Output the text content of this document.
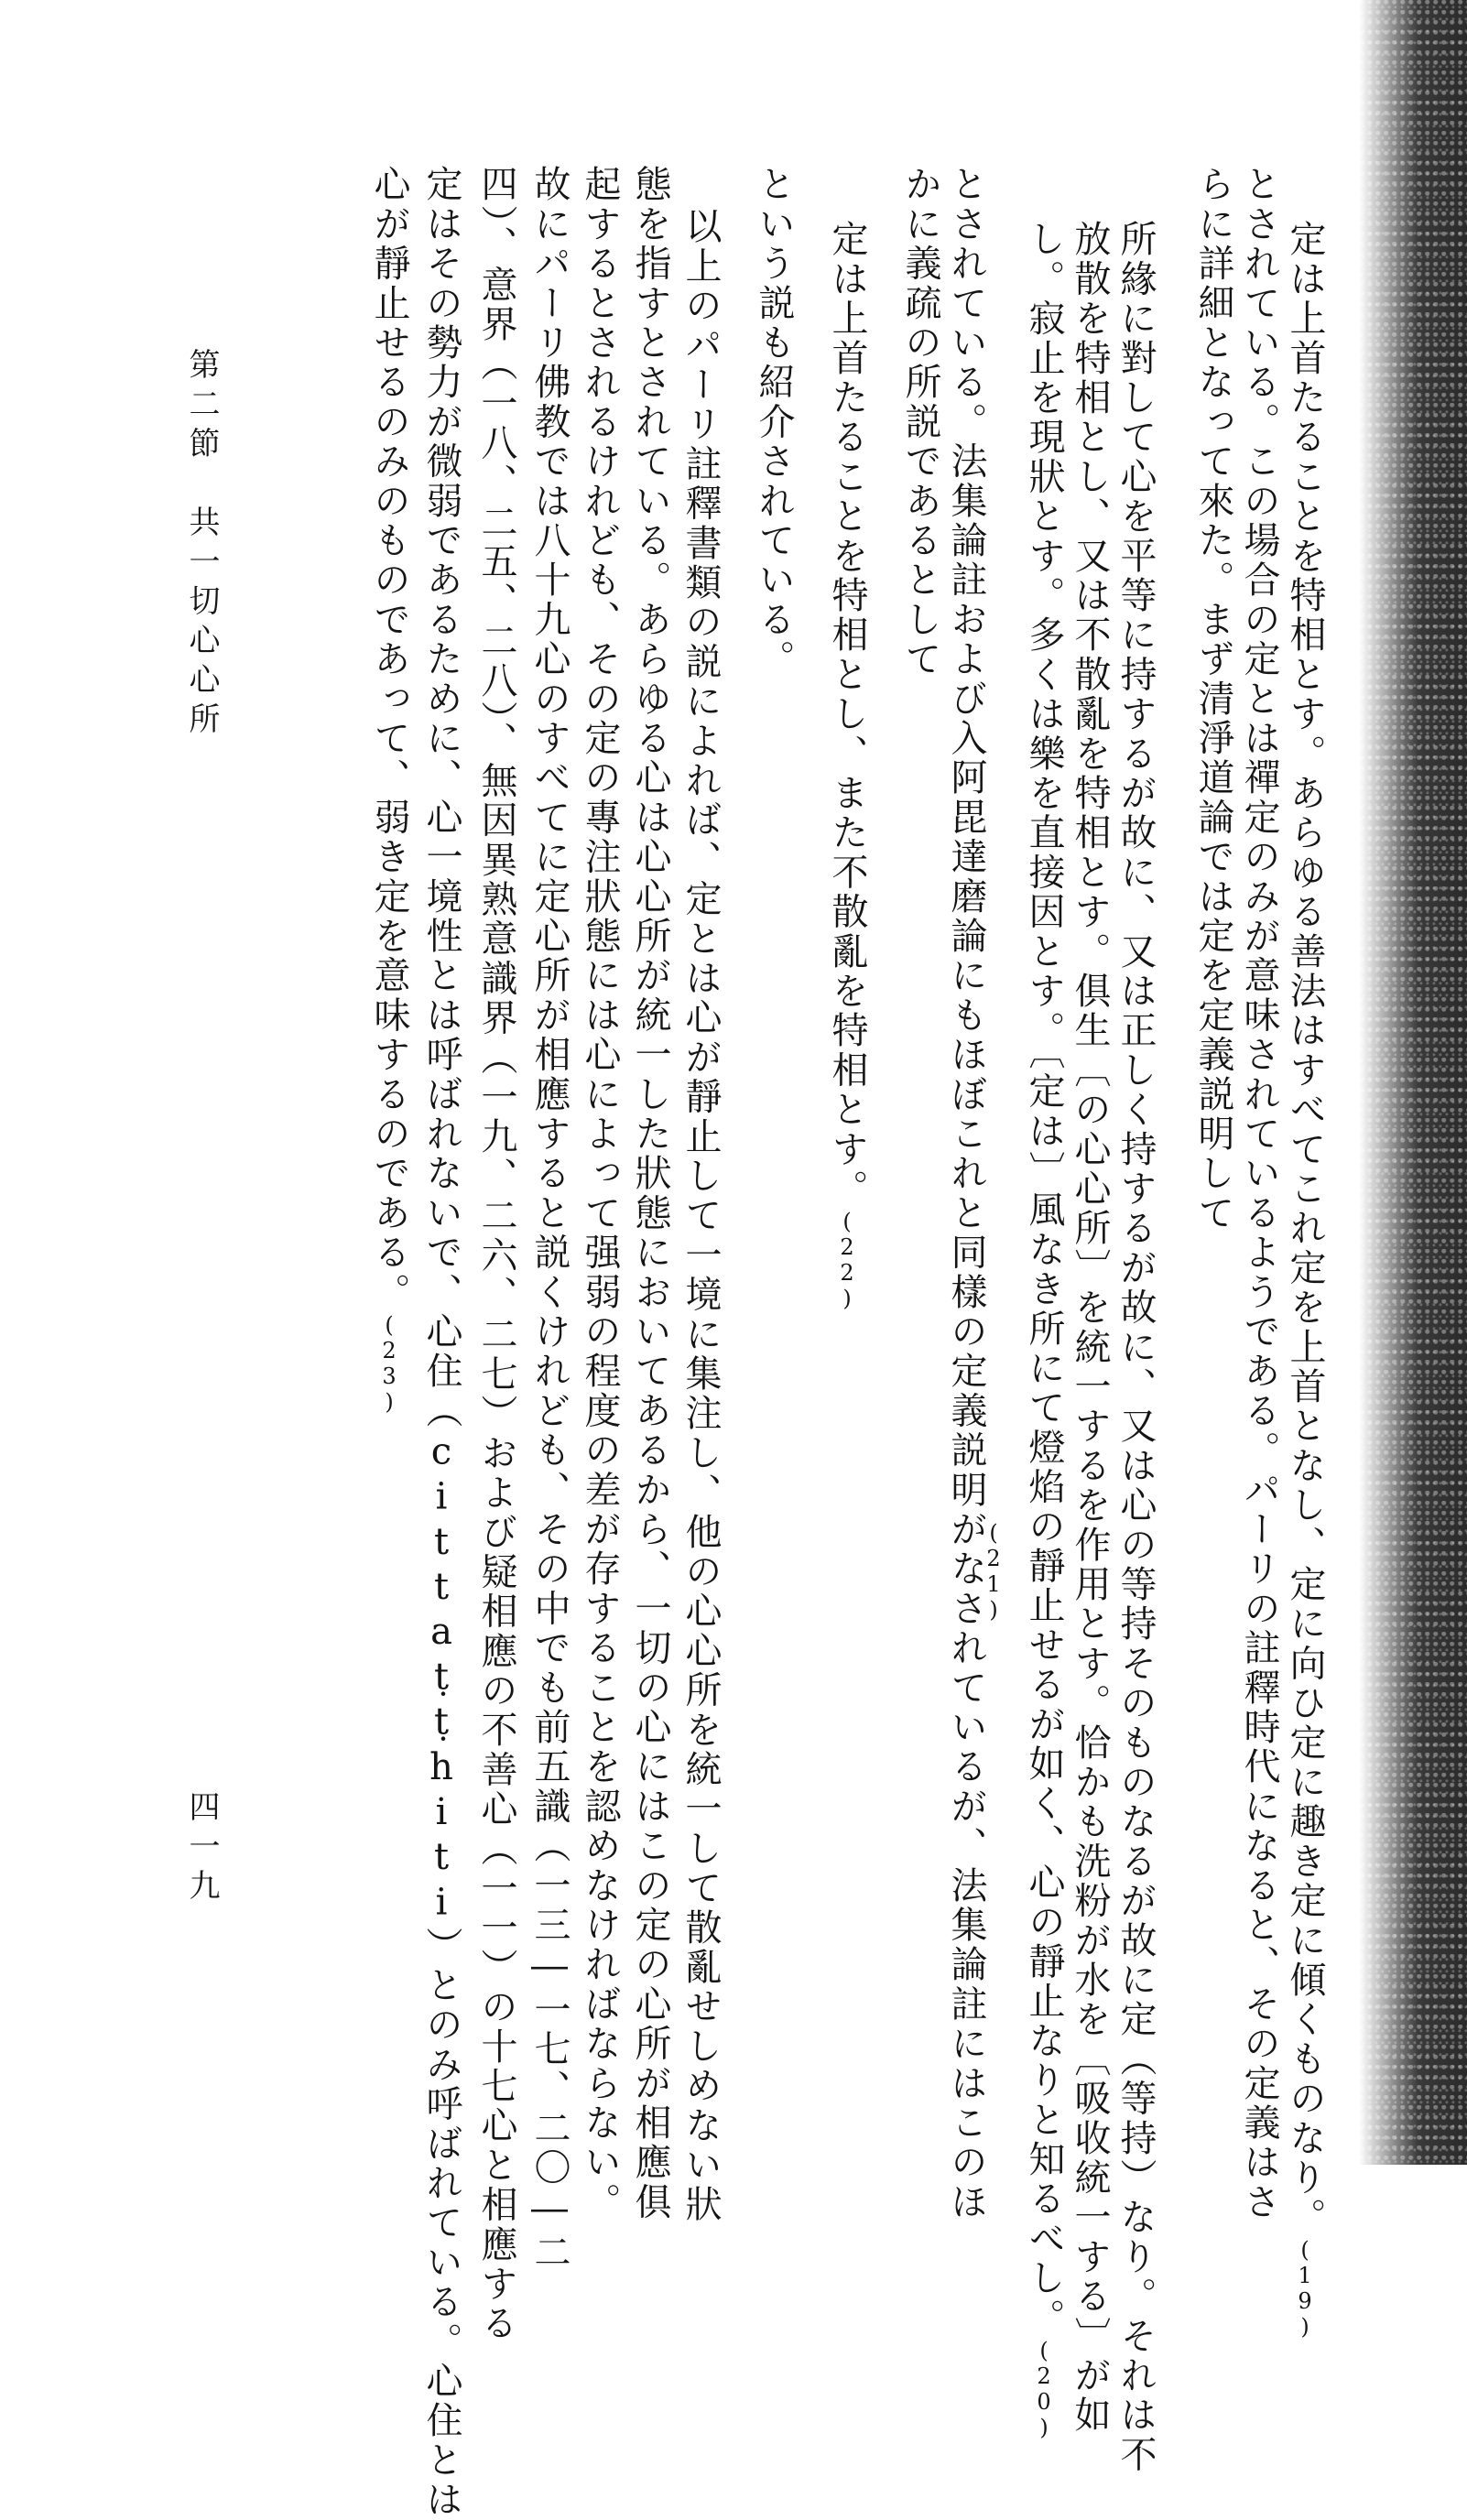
定は上首たることを特相とす。あらゆる善法はすべてこれ定を上首となし、定に向ひ定に趣き定に傾くものなり。(19)
とされている。この場合の定とは禪定のみが意味されているようである。パーリの註釋時代になると、その定義はさ
らに詳細となって來た。まず清淨道論では定を定義説明して
所緣に對して心を平等に持するが故に、又は正しく持するが故に、又は心の等持そのものなるが故に定（等持）なり。それは不
放散を特相とし、又は不散亂を特相とす。俱生〔の心心所〕を統一するを作用とす。恰かも洗粉が水を〔吸收統一する〕が如
し。寂止を現狀とす。多くは樂を直接因とす。〔定は〕風なき所にて燈焰の靜止せるが如く、心の靜止なりと知るべし。(20)
とされている。法集論註および入阿毘達磨論にもほぼこれと同樣の定義説明がなされているが、法集論註にはこのほ
(21)
かに義疏の所説であるとして
定は上首たることを特相とし、また不散亂を特相とす。(22)
という説も紹介されている。
以上のパーリ註釋書類の説によれば、定とは心が靜止して一境に集注し、他の心心所を統一して散亂せしめない狀
態を指すとされている。あらゆる心は心心所が統一した狀態においてあるから、一切の心にはこの定の心所が相應俱
起するとされるけれども、その定の專注狀態には心によって强弱の程度の差が存することを認めなければならない。
故にパーリ佛教では八十九心のすべてに定心所が相應すると説くけれども、その中でも前五識（一三―一七、二〇―二
四）、意界（一八、二五、二八）、無因異熟意識界（一九、二六、二七）および疑相應の不善心（一一）の十七心と相應する
定はその勢力が微弱であるために、心一境性とは呼ばれないで、心住（cittaṭṭhiti）とのみ呼ばれている。心住とは
心が靜止せるのみのものであって、弱き定を意味するのである。(23)
第二節　共一切心心所
四一九
